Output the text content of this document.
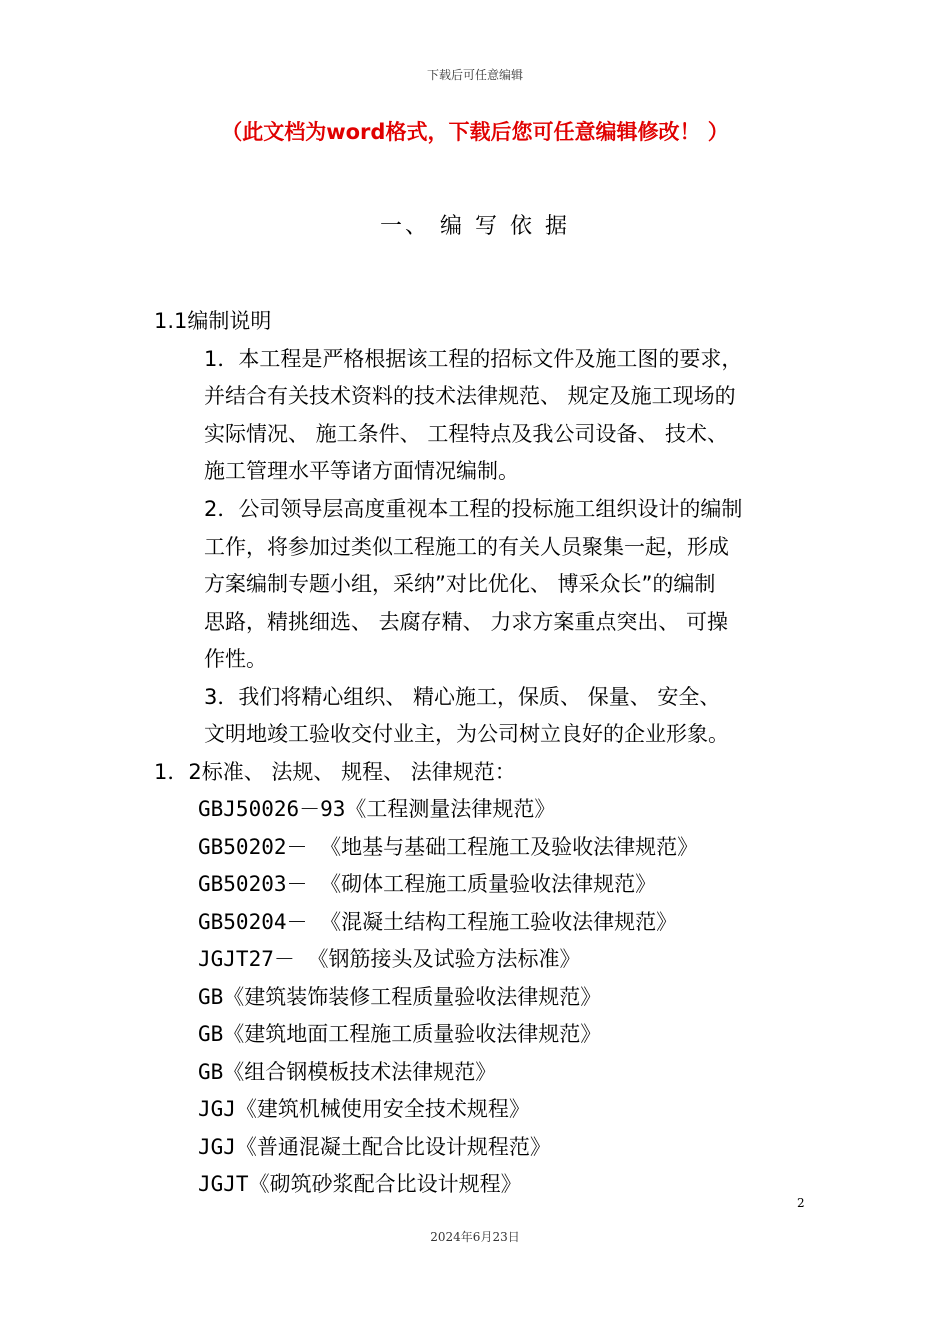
下载后可任意编辑
（此文档为word格式，下载后您可任意编辑修改！ ）
一、 编 写 依 据
1.1编制说明
1．本工程是严格根据该工程的招标文件及施工图的要求，
并结合有关技术资料的技术法律规范、 规定及施工现场的
实际情况、 施工条件、 工程特点及我公司设备、 技术、
施工管理水平等诸方面情况编制。
2．公司领导层高度重视本工程的投标施工组织设计的编制
工作，将参加过类似工程施工的有关人员聚集一起，形成
方案编制专题小组，采纳”对比优化、 博采众长”的编制
思路，精挑细选、 去腐存精、 力求方案重点突出、 可操
作性。
3．我们将精心组织、 精心施工，保质、 保量、 安全、
文明地竣工验收交付业主，为公司树立良好的企业形象。
1．2标准、 法规、 规程、 法律规范：
GBJ50026－93《工程测量法律规范》
GB50202－ 《地基与基础工程施工及验收法律规范》
GB50203－ 《砌体工程施工质量验收法律规范》
GB50204－ 《混凝土结构工程施工验收法律规范》
JGJT27－ 《钢筋接头及试验方法标准》
GB《建筑装饰装修工程质量验收法律规范》
GB《建筑地面工程施工质量验收法律规范》
GB《组合钢模板技术法律规范》
JGJ《建筑机械使用安全技术规程》
JGJ《普通混凝土配合比设计规程范》
JGJT《砌筑砂浆配合比设计规程》
2
2024年6月23日
